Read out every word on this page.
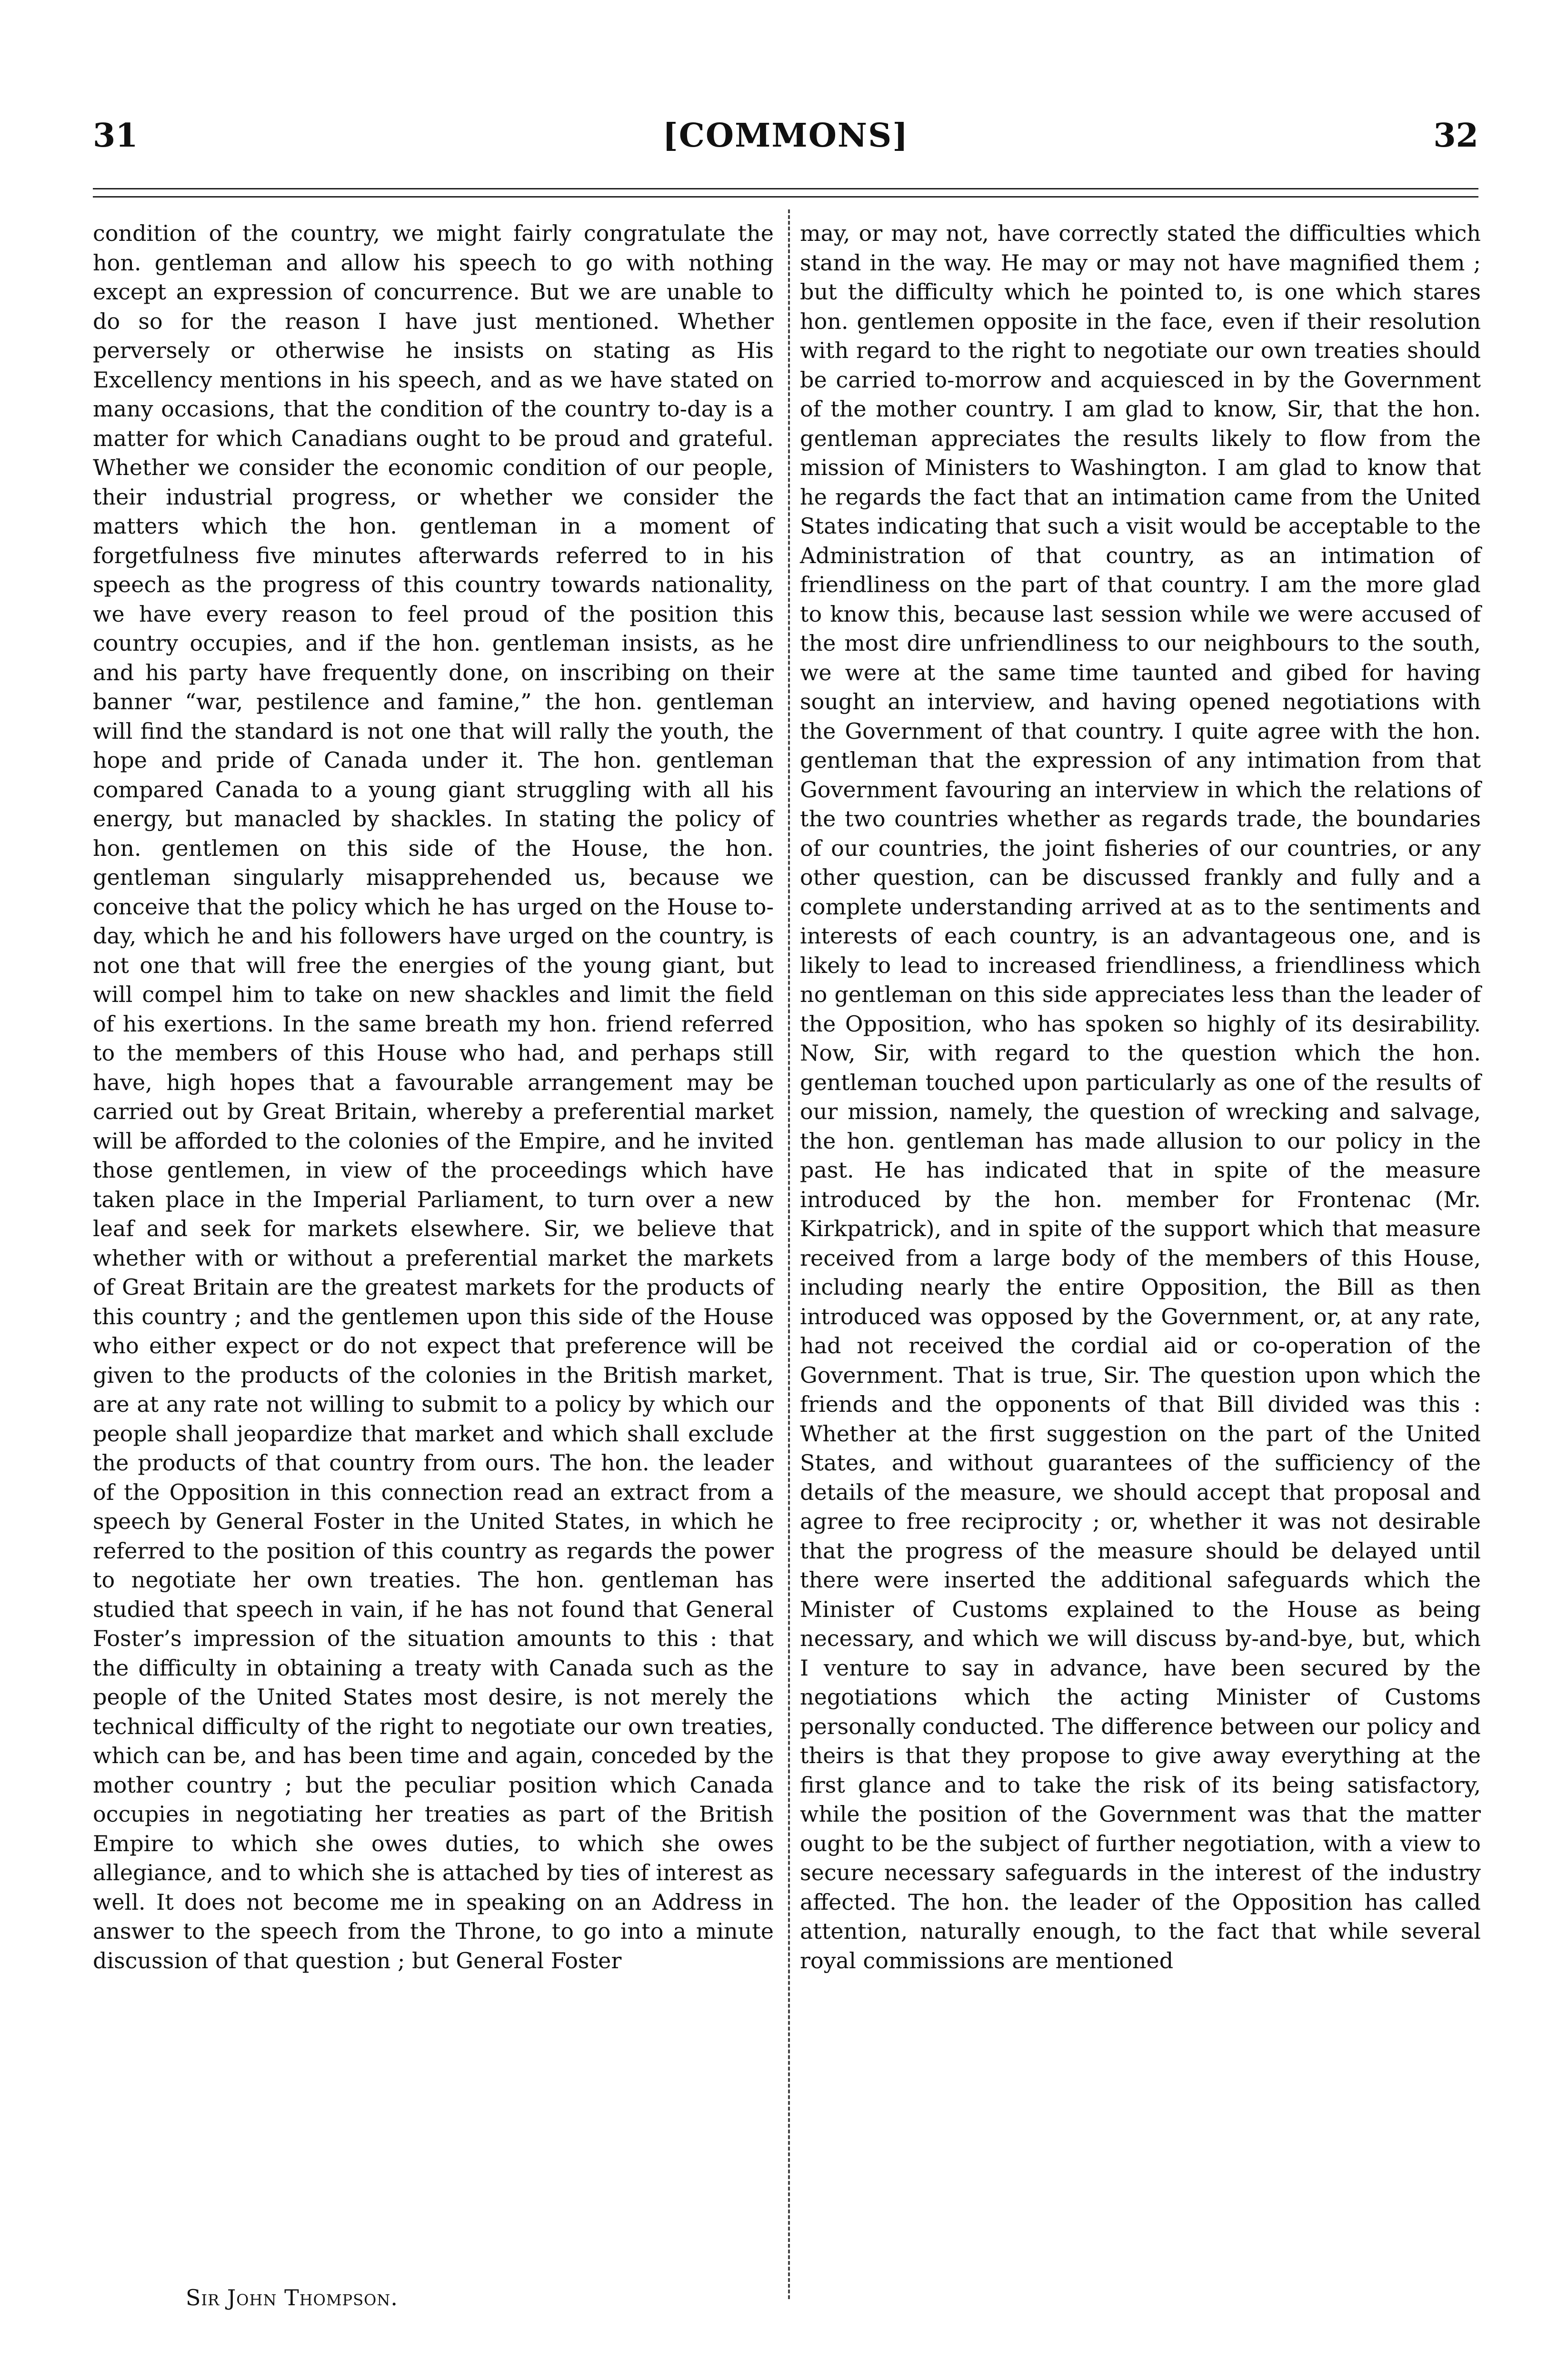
31	[COMMONS]	32

condition of the country, we might fairly congratulate the hon. gentleman and allow his speech to go with nothing except an expression of concurrence. But we are unable to do so for the reason I have just mentioned. Whether perversely or otherwise he insists on stating as His Excellency mentions in his speech, and as we have stated on many occasions, that the condition of the country to-day is a matter for which Canadians ought to be proud and grateful. Whether we consider the economic condition of our people, their industrial progress, or whether we consider the matters which the hon. gentleman in a moment of forgetfulness five minutes afterwards referred to in his speech as the progress of this country towards nationality, we have every reason to feel proud of the position this country occupies, and if the hon. gentleman insists, as he and his party have frequently done, on inscribing on their banner “war, pestilence and famine,” the hon. gentleman will find the standard is not one that will rally the youth, the hope and pride of Canada under it. The hon. gentleman compared Canada to a young giant struggling with all his energy, but manacled by shackles. In stating the policy of hon. gentlemen on this side of the House, the hon. gentleman singularly misapprehended us, because we conceive that the policy which he has urged on the House to-day, which he and his followers have urged on the country, is not one that will free the energies of the young giant, but will compel him to take on new shackles and limit the field of his exertions. In the same breath my hon. friend referred to the members of this House who had, and perhaps still have, high hopes that a favourable arrangement may be carried out by Great Britain, whereby a preferential market will be afforded to the colonies of the Empire, and he invited those gentlemen, in view of the proceedings which have taken place in the Imperial Parliament, to turn over a new leaf and seek for markets elsewhere. Sir, we believe that whether with or without a preferential market the markets of Great Britain are the greatest markets for the products of this country ; and the gentlemen upon this side of the House who either expect or do not expect that preference will be given to the products of the colonies in the British market, are at any rate not willing to submit to a policy by which our people shall jeopardize that market and which shall exclude the products of that country from ours. The hon. the leader of the Opposition in this connection read an extract from a speech by General Foster in the United States, in which he referred to the position of this country as regards the power to negotiate her own treaties. The hon. gentleman has studied that speech in vain, if he has not found that General Foster’s impression of the situation amounts to this : that the difficulty in obtaining a treaty with Canada such as the people of the United States most desire, is not merely the technical difficulty of the right to negotiate our own treaties, which can be, and has been time and again, conceded by the mother country ; but the peculiar position which Canada occupies in negotiating her treaties as part of the British Empire to which she owes duties, to which she owes allegiance, and to which she is attached by ties of interest as well. It does not become me in speaking on an Address in answer to the speech from the Throne, to go into a minute discussion of that question ; but General Foster

may, or may not, have correctly stated the difficulties which stand in the way. He may or may not have magnified them ; but the difficulty which he pointed to, is one which stares hon. gentlemen opposite in the face, even if their resolution with regard to the right to negotiate our own treaties should be carried to-morrow and acquiesced in by the Government of the mother country. I am glad to know, Sir, that the hon. gentleman appreciates the results likely to flow from the mission of Ministers to Washington. I am glad to know that he regards the fact that an intimation came from the United States indicating that such a visit would be acceptable to the Administration of that country, as an intimation of friendliness on the part of that country. I am the more glad to know this, because last session while we were accused of the most dire unfriendliness to our neighbours to the south, we were at the same time taunted and gibed for having sought an interview, and having opened negotiations with the Government of that country. I quite agree with the hon. gentleman that the expression of any intimation from that Government favouring an interview in which the relations of the two countries whether as regards trade, the boundaries of our countries, the joint fisheries of our countries, or any other question, can be discussed frankly and fully and a complete understanding arrived at as to the sentiments and interests of each country, is an advantageous one, and is likely to lead to increased friendliness, a friendliness which no gentleman on this side appreciates less than the leader of the Opposition, who has spoken so highly of its desirability. Now, Sir, with regard to the question which the hon. gentleman touched upon particularly as one of the results of our mission, namely, the question of wrecking and salvage, the hon. gentleman has made allusion to our policy in the past. He has indicated that in spite of the measure introduced by the hon. member for Frontenac (Mr. Kirkpatrick), and in spite of the support which that measure received from a large body of the members of this House, including nearly the entire Opposition, the Bill as then introduced was opposed by the Government, or, at any rate, had not received the cordial aid or co-operation of the Government. That is true, Sir. The question upon which the friends and the opponents of that Bill divided was this : Whether at the first suggestion on the part of the United States, and without guarantees of the sufficiency of the details of the measure, we should accept that proposal and agree to free reciprocity ; or, whether it was not desirable that the progress of the measure should be delayed until there were inserted the additional safeguards which the Minister of Customs explained to the House as being necessary, and which we will discuss by-and-bye, but, which I venture to say in advance, have been secured by the negotiations which the acting Minister of Customs personally conducted. The difference between our policy and theirs is that they propose to give away everything at the first glance and to take the risk of its being satisfactory, while the position of the Government was that the matter ought to be the subject of further negotiation, with a view to secure necessary safeguards in the interest of the industry affected. The hon. the leader of the Opposition has called attention, naturally enough, to the fact that while several royal commissions are mentioned

Sir John Thompson.
